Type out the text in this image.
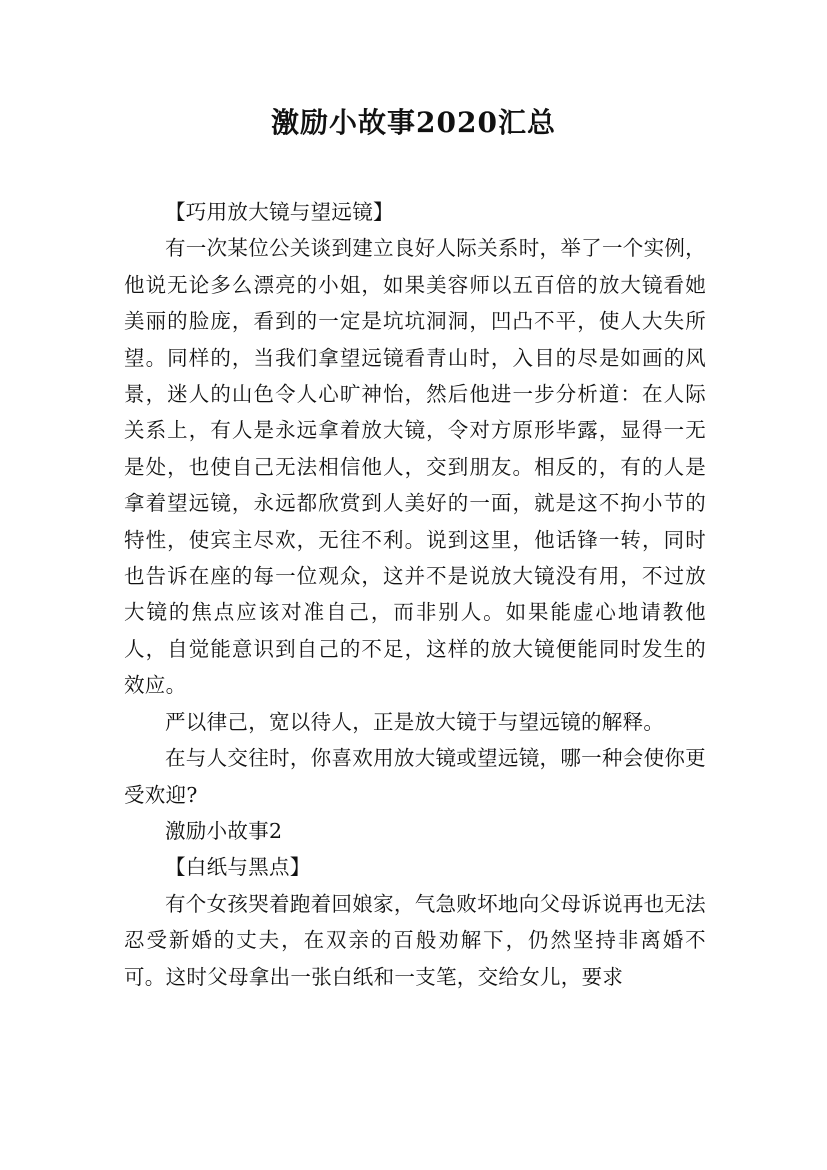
激励小故事2020汇总

【巧用放大镜与望远镜】

有一次某位公关谈到建立良好人际关系时，举了一个实例，他说无论多么漂亮的小姐，如果美容师以五百倍的放大镜看她美丽的脸庞，看到的一定是坑坑洞洞，凹凸不平，使人大失所望。同样的，当我们拿望远镜看青山时，入目的尽是如画的风景，迷人的山色令人心旷神怡，然后他进一步分析道：在人际关系上，有人是永远拿着放大镜，令对方原形毕露，显得一无是处，也使自己无法相信他人，交到朋友。相反的，有的人是拿着望远镜，永远都欣赏到人美好的一面，就是这不拘小节的特性，使宾主尽欢，无往不利。说到这里，他话锋一转，同时也告诉在座的每一位观众，这并不是说放大镜没有用，不过放大镜的焦点应该对准自己，而非别人。如果能虚心地请教他人，自觉能意识到自己的不足，这样的放大镜便能同时发生的效应。

严以律己，宽以待人，正是放大镜于与望远镜的解释。

在与人交往时，你喜欢用放大镜或望远镜，哪一种会使你更受欢迎?

激励小故事2

【白纸与黑点】

有个女孩哭着跑着回娘家，气急败坏地向父母诉说再也无法忍受新婚的丈夫，在双亲的百般劝解下，仍然坚持非离婚不可。这时父母拿出一张白纸和一支笔，交给女儿，要求
